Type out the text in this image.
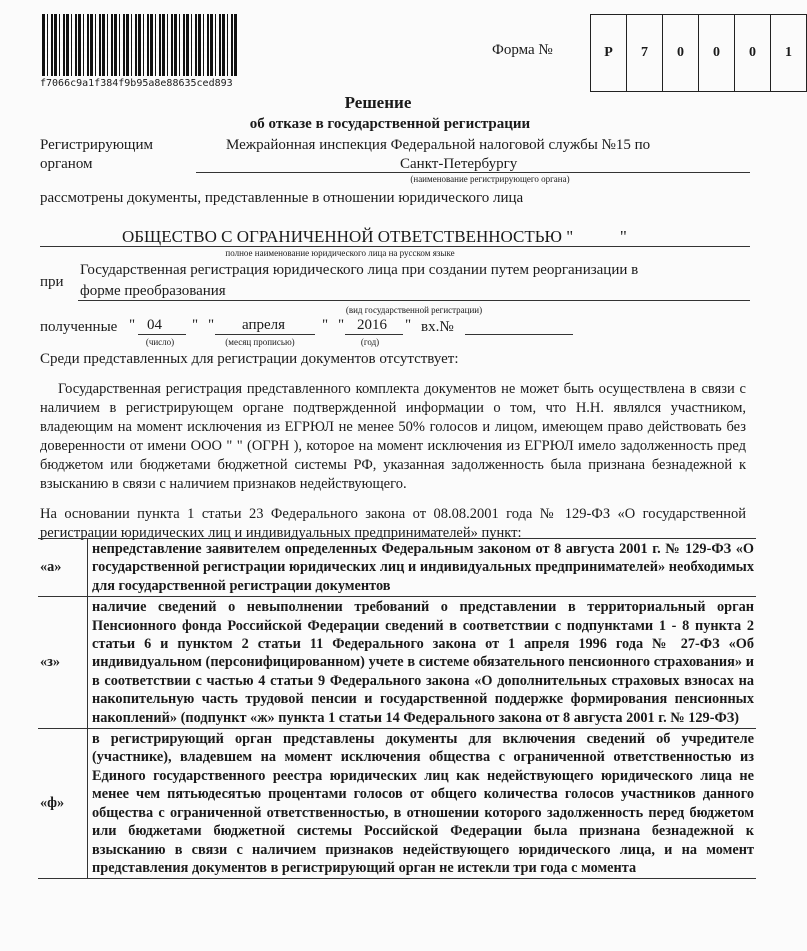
f7066c9a1f384f9b95a8e88635ced893
Форма №	Р	7	0	0	0	1
Решение
об отказе в государственной регистрации
Регистрирующим
органом
Межрайонная инспекция Федеральной налоговой службы №15 по
Санкт-Петербургу
(наименование регистрирующего органа)
рассмотрены документы, представленные в отношении юридического лица
ОБЩЕСТВО С ОГРАНИЧЕННОЙ ОТВЕТСТВЕННОСТЬЮ "           "
полное наименование юридического лица на русском языке
при
Государственная регистрация юридического лица при создании путем реорганизации в
форме преобразования
(вид государственной регистрации)
полученные " 04 " " апреля " " 2016 " вх.№
(число)	(месяц прописью)	(год)
Среди представленных для регистрации документов отсутствует:
Государственная регистрация представленного комплекта документов не может быть осуществлена в связи с наличием в регистрирующем органе подтвержденной информации о том, что Н.Н. являлся участником, владеющим на момент исключения из ЕГРЮЛ не менее 50% голосов и лицом, имеющем право действовать без доверенности от имени ООО " " (ОГРН ), которое на момент исключения из ЕГРЮЛ имело задолженность пред бюджетом или бюджетами бюджетной системы РФ, указанная задолженность была признана безнадежной к взысканию в связи с наличием признаков недействующего.
На основании пункта 1 статьи 23 Федерального закона от 08.08.2001 года № 129-ФЗ «О государственной регистрации юридических лиц и индивидуальных предпринимателей» пункт:
«а»	непредставление заявителем определенных Федеральным законом от 8 августа 2001 г. № 129-ФЗ «О государственной регистрации юридических лиц и индивидуальных предпринимателей» необходимых для государственной регистрации документов
«з»	наличие сведений о невыполнении требований о представлении в территориальный орган Пенсионного фонда Российской Федерации сведений в соответствии с подпунктами 1 - 8 пункта 2 статьи 6 и пунктом 2 статьи 11 Федерального закона от 1 апреля 1996 года № 27-ФЗ «Об индивидуальном (персонифицированном) учете в системе обязательного пенсионного страхования» и в соответствии с частью 4 статьи 9 Федерального закона «О дополнительных страховых взносах на накопительную часть трудовой пенсии и государственной поддержке формирования пенсионных накоплений» (подпункт «ж» пункта 1 статьи 14 Федерального закона от 8 августа 2001 г. № 129-ФЗ)
«ф»	в регистрирующий орган представлены документы для включения сведений об учредителе (участнике), владевшем на момент исключения общества с ограниченной ответственностью из Единого государственного реестра юридических лиц как недействующего юридического лица не менее чем пятьюдесятью процентами голосов от общего количества голосов участников данного общества с ограниченной ответственностью, в отношении которого задолженность перед бюджетом или бюджетами бюджетной системы Российской Федерации была признана безнадежной к взысканию в связи с наличием признаков недействующего юридического лица, и на момент представления документов в регистрирующий орган не истекли три года с момента
